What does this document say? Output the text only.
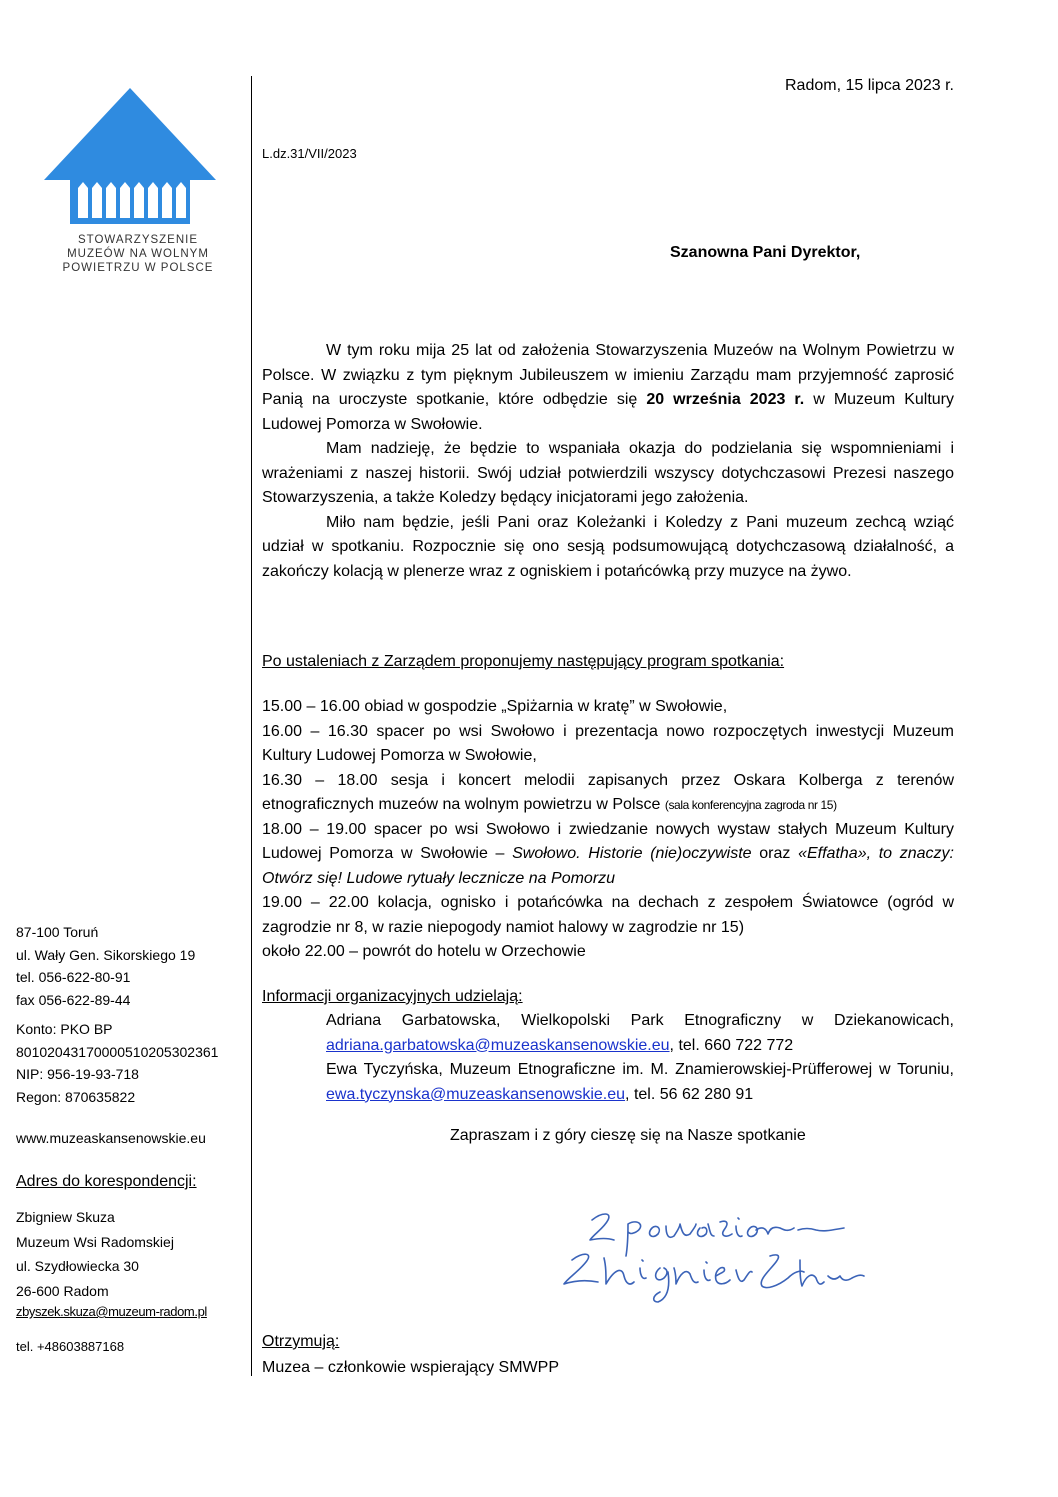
STOWARZYSZENIE
MUZEÓW NA WOLNYM
POWIETRZU W POLSCE
87-100 Toruń
ul. Wały Gen. Sikorskiego 19
tel. 056-622-80-91
fax 056-622-89-44
Konto: PKO BP
80102043170000510205302361
NIP: 956-19-93-718
Regon: 870635822
www.muzeaskansenowskie.eu
Adres do korespondencji:
Zbigniew Skuza
Muzeum Wsi Radomskiej
ul. Szydłowiecka 30
26-600 Radom
zbyszek.skuza@muzeum-radom.pl
tel. +48603887168
Radom, 15 lipca 2023 r.
L.dz.31/VII/2023
Szanowna Pani Dyrektor,

W tym roku mija 25 lat od założenia Stowarzyszenia Muzeów na Wolnym Powietrzu w Polsce. W związku z tym pięknym Jubileuszem w imieniu Zarządu mam przyjemność zaprosić Panią na uroczyste spotkanie, które odbędzie się 20 września 2023 r. w Muzeum Kultury Ludowej Pomorza w Swołowie.

Mam nadzieję, że będzie to wspaniała okazja do podzielania się wspomnieniami i wrażeniami z naszej historii. Swój udział potwierdzili wszyscy dotychczasowi Prezesi naszego Stowarzyszenia, a także Koledzy będący inicjatorami jego założenia.

Miło nam będzie, jeśli Pani oraz Koleżanki i Koledzy z Pani muzeum zechcą wziąć udział w spotkaniu. Rozpocznie się ono sesją podsumowującą dotychczasową działalność, a zakończy kolacją w plenerze wraz z ogniskiem i potańcówką przy muzyce na żywo.

Po ustaleniach z Zarządem proponujemy następujący program spotkania:

15.00 – 16.00 obiad w gospodzie „Spiżarnia w kratę” w Swołowie,

16.00 – 16.30 spacer po wsi Swołowo i prezentacja nowo rozpoczętych inwestycji Muzeum Kultury Ludowej Pomorza w Swołowie,

16.30 – 18.00 sesja i koncert melodii zapisanych przez Oskara Kolberga z terenów etnograficznych muzeów na wolnym powietrzu w Polsce (sala konferencyjna zagroda nr 15)

18.00 – 19.00 spacer po wsi Swołowo i zwiedzanie nowych wystaw stałych Muzeum Kultury Ludowej Pomorza w Swołowie – Swołowo. Historie (nie)oczywiste oraz «Effatha», to znaczy: Otwórz się! Ludowe rytuały lecznicze na Pomorzu

19.00 – 22.00 kolacja, ognisko i potańcówka na dechach z zespołem Światowce (ogród w zagrodzie nr 8, w razie niepogody namiot halowy w zagrodzie nr 15)

około 22.00 – powrót do hotelu w Orzechowie

Informacji organizacyjnych udzielają:

Adriana Garbatowska, Wielkopolski Park Etnograficzny w Dziekanowicach, adriana.garbatowska@muzeaskansenowskie.eu, tel. 660 722 772

Ewa Tyczyńska, Muzeum Etnograficzne im. M. Znamierowskiej-Prüfferowej w Toruniu, ewa.tyczynska@muzeaskansenowskie.eu, tel. 56 62 280 91

Zapraszam i z góry cieszę się na Nasze spotkanie
Otrzymują:
Muzea – członkowie wspierający SMWPP
